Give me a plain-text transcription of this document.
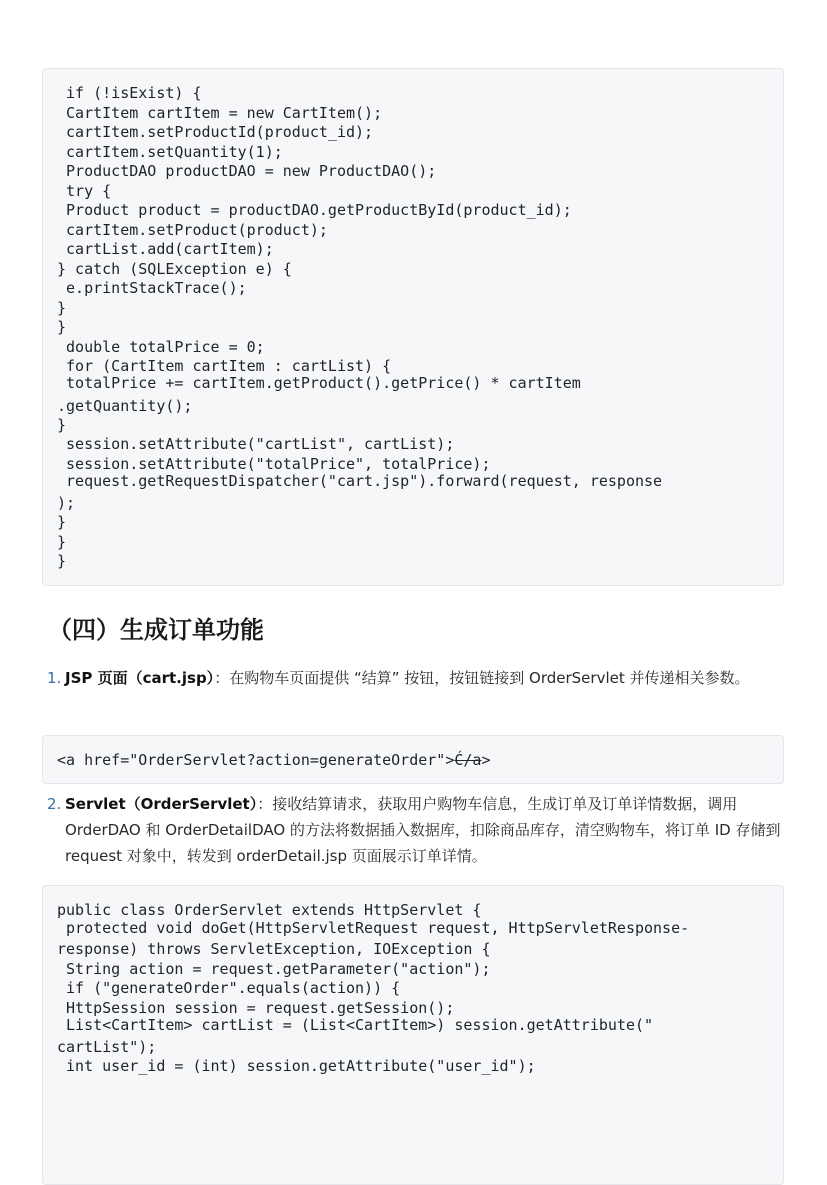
if (!isExist) {
CartItem cartItem = new CartItem();
cartItem.setProductId(product_id);
cartItem.setQuantity(1);
ProductDAO productDAO = new ProductDAO();
try {
Product product = productDAO.getProductById(product_id);
cartItem.setProduct(product);
cartList.add(cartItem);
} catch (SQLException e) {
e.printStackTrace();
}
}
double totalPrice = 0;
for (CartItem cartItem : cartList) {
totalPrice += cartItem.getProduct().getPrice() * cartItem
.getQuantity();
}
session.setAttribute("cartList", cartList);
session.setAttribute("totalPrice", totalPrice);
request.getRequestDispatcher("cart.jsp").forward(request, response
);
}
}
}
（四）生成订单功能
1. JSP 页面（cart.jsp）：在购物车页面提供 “结算” 按钮，按钮链接到 OrderServlet 并传递相关参数。
<a href="OrderServlet?action=generateOrder">Ć/a>
2. Servlet（OrderServlet）：接收结算请求，获取用户购物车信息，生成订单及订单详情数据，调用 OrderDAO 和 OrderDetailDAO 的方法将数据插入数据库，扣除商品库存，清空购物车，将订单 ID 存储到 request 对象中，转发到 orderDetail.jsp 页面展示订单详情。
public class OrderServlet extends HttpServlet {
protected void doGet(HttpServletRequest request, HttpServletResponse-
response) throws ServletException, IOException {
String action = request.getParameter("action");
if ("generateOrder".equals(action)) {
HttpSession session = request.getSession();
List<CartItem> cartList = (List<CartItem>) session.getAttribute("
cartList");
int user_id = (int) session.getAttribute("user_id");
